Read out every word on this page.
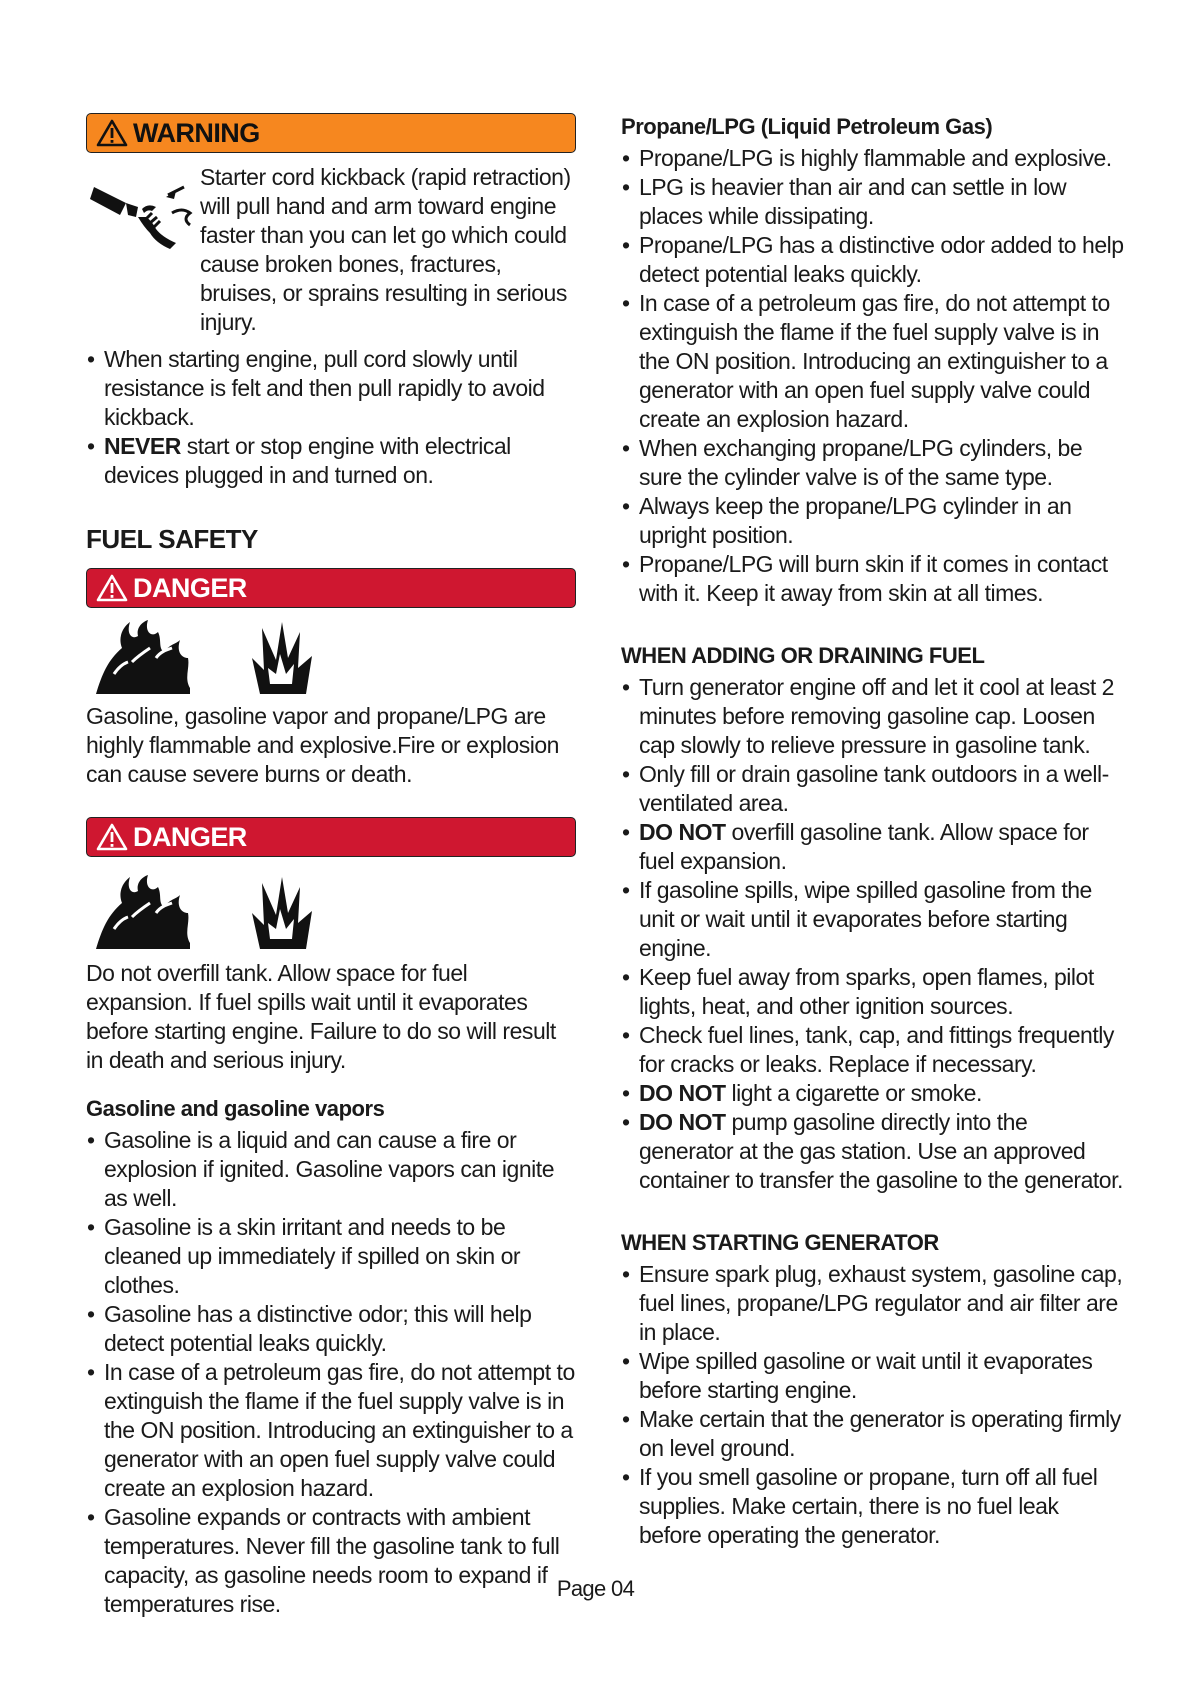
WARNING
Starter cord kickback (rapid retraction) will pull hand and arm toward engine faster than you can let go which could cause broken bones, fractures, bruises, or sprains resulting in serious injury.
• When starting engine, pull cord slowly until resistance is felt and then pull rapidly to avoid kickback.
• NEVER start or stop engine with electrical devices plugged in and turned on.
FUEL SAFETY
DANGER

Gasoline, gasoline vapor and propane/LPG are highly flammable and explosive.Fire or explosion can cause severe burns or death.

DANGER

Do not overfill tank. Allow space for fuel expansion. If fuel spills wait until it evaporates before starting engine. Failure to do so will result in death and serious injury.

Gasoline and gasoline vapors
• Gasoline is a liquid and can cause a fire or explosion if ignited. Gasoline vapors can ignite as well.
• Gasoline is a skin irritant and needs to be cleaned up immediately if spilled on skin or clothes.
• Gasoline has a distinctive odor; this will help detect potential leaks quickly.
• In case of a petroleum gas fire, do not attempt to extinguish the flame if the fuel supply valve is in the ON position. Introducing an extinguisher to a generator with an open fuel supply valve could create an explosion hazard.
• Gasoline expands or contracts with ambient temperatures. Never fill the gasoline tank to full capacity, as gasoline needs room to expand if temperatures rise.
Propane/LPG (Liquid Petroleum Gas)
• Propane/LPG is highly flammable and explosive.
• LPG is heavier than air and can settle in low places while dissipating.
• Propane/LPG has a distinctive odor added to help detect potential leaks quickly.
• In case of a petroleum gas fire, do not attempt to extinguish the flame if the fuel supply valve is in the ON position. Introducing an extinguisher to a generator with an open fuel supply valve could create an explosion hazard.
• When exchanging propane/LPG cylinders, be sure the cylinder valve is of the same type.
• Always keep the propane/LPG cylinder in an upright position.
• Propane/LPG will burn skin if it comes in contact with it. Keep it away from skin at all times.
WHEN ADDING OR DRAINING FUEL
• Turn generator engine off and let it cool at least 2 minutes before removing gasoline cap. Loosen cap slowly to relieve pressure in gasoline tank.
• Only fill or drain gasoline tank outdoors in a well-ventilated area.
• DO NOT overfill gasoline tank. Allow space for fuel expansion.
• If gasoline spills, wipe spilled gasoline from the unit or wait until it evaporates before starting engine.
• Keep fuel away from sparks, open flames, pilot lights, heat, and other ignition sources.
• Check fuel lines, tank, cap, and fittings frequently for cracks or leaks. Replace if necessary.
• DO NOT light a cigarette or smoke.
• DO NOT pump gasoline directly into the generator at the gas station. Use an approved container to transfer the gasoline to the generator.
WHEN STARTING GENERATOR
• Ensure spark plug, exhaust system, gasoline cap, fuel lines, propane/LPG regulator and air filter are in place.
• Wipe spilled gasoline or wait until it evaporates before starting engine.
• Make certain that the generator is operating firmly on level ground.
• If you smell gasoline or propane, turn off all fuel supplies. Make certain, there is no fuel leak before operating the generator.
Page 04
